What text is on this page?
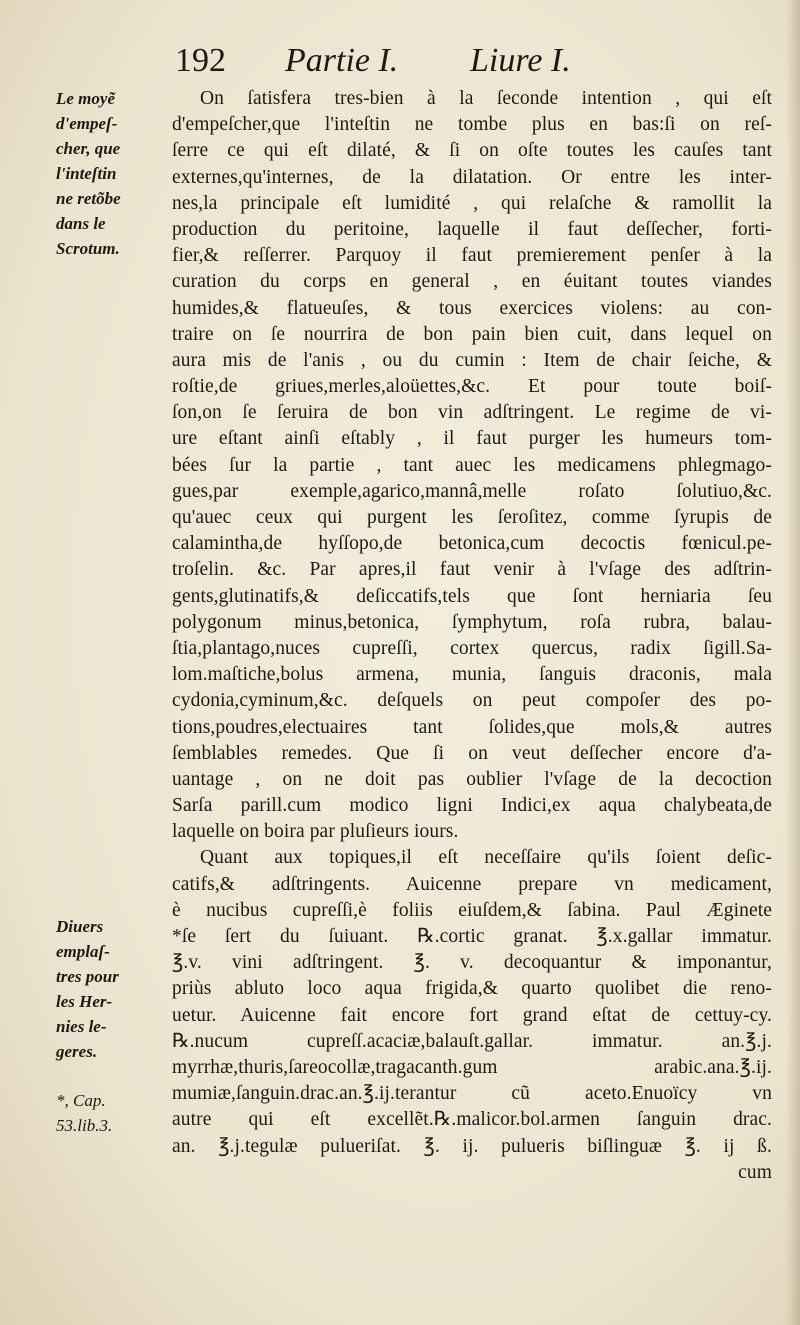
192 Partie I. Liure I.
Le moyẽ
d'empeſ-
cher, que
l'inteſtin
ne retõbe
dans le
Scrotum.
Diuers
emplaſ-
tres pour
les Her-
nies le-
geres.
*, Cap.
53.lib.3.
On ſatisfera tres-bien à la ſeconde intention , qui eſt
d'empeſcher,que l'inteſtin ne tombe plus en bas:ſi on reſ-
ſerre ce qui eſt dilaté, & ſi on oſte toutes les cauſes tant
externes,qu'internes, de la dilatation. Or entre les inter-
nes,la principale eſt lumidité , qui relaſche & ramollit la
production du peritoine, laquelle il faut deſſecher, forti-
fier,& reſſerrer. Parquoy il faut premierement penſer à la
curation du corps en general , en éuitant toutes viandes
humides,& flatueuſes, & tous exercices violens: au con-
traire on ſe nourrira de bon pain bien cuit, dans lequel on
aura mis de l'anis , ou du cumin : Item de chair ſeiche, &
roſtie,de griues,merles,aloüettes,&c. Et pour toute boiſ-
ſon,on ſe ſeruira de bon vin adſtringent. Le regime de vi-
ure eſtant ainſi eſtably , il faut purger les humeurs tom-
bées ſur la partie , tant auec les medicamens phlegmago-
gues,par exemple,agarico,mannâ,melle roſato ſolutiuo,&c.
qu'auec ceux qui purgent les ſeroſitez, comme ſyrupis de
calamintha,de hyſſopo,de betonica,cum decoctis fœnicul.pe-
troſelin. &c. Par apres,il faut venir à l'vſage des adſtrin-
gents,glutinatifs,& deſiccatifs,tels que ſont herniaria ſeu
polygonum minus,betonica, ſymphytum, roſa rubra, balau-
ſtia,plantago,nuces cupreſſi, cortex quercus, radix ſigill.Sa-
lom.maſtiche,bolus armena, munia, ſanguis draconis, mala
cydonia,cyminum,&c. deſquels on peut compoſer des po-
tions,poudres,electuaires tant ſolides,que mols,& autres
ſemblables remedes. Que ſi on veut deſſecher encore d'a-
uantage , on ne doit pas oublier l'vſage de la decoction
Sarſa parill.cum modico ligni Indici,ex aqua chalybeata,de
laquelle on boira par pluſieurs iours.
Quant aux topiques,il eſt neceſſaire qu'ils ſoient deſic-
catifs,& adſtringents. Auicenne prepare vn medicament,
è nucibus cupreſſi,è foliis eiuſdem,& ſabina. Paul Æginete
*ſe ſert du ſuiuant. ℞.cortic granat. ℥.x.gallar immatur.
℥.v. vini adſtringent. ℥. v. decoquantur & imponantur,
priùs abluto loco aqua frigida,& quarto quolibet die reno-
uetur. Auicenne fait encore fort grand eſtat de cettuy-cy.
℞.nucum cupreſſ.acaciæ,balauſt.gallar. immatur. an.℥.j.
myrrhæ,thuris,ſareocollæ,tragacanth.gum arabic.ana.℥.ij.
mumiæ,ſanguin.drac.an.℥.ij.terantur cũ aceto.Enuoïcy vn
autre qui eſt excellẽt.℞.malicor.bol.armen ſanguin drac.
an. ℥.j.tegulæ pulueriſat. ℥. ij. pulueris biſlinguæ ℥. ij ß.
cum
